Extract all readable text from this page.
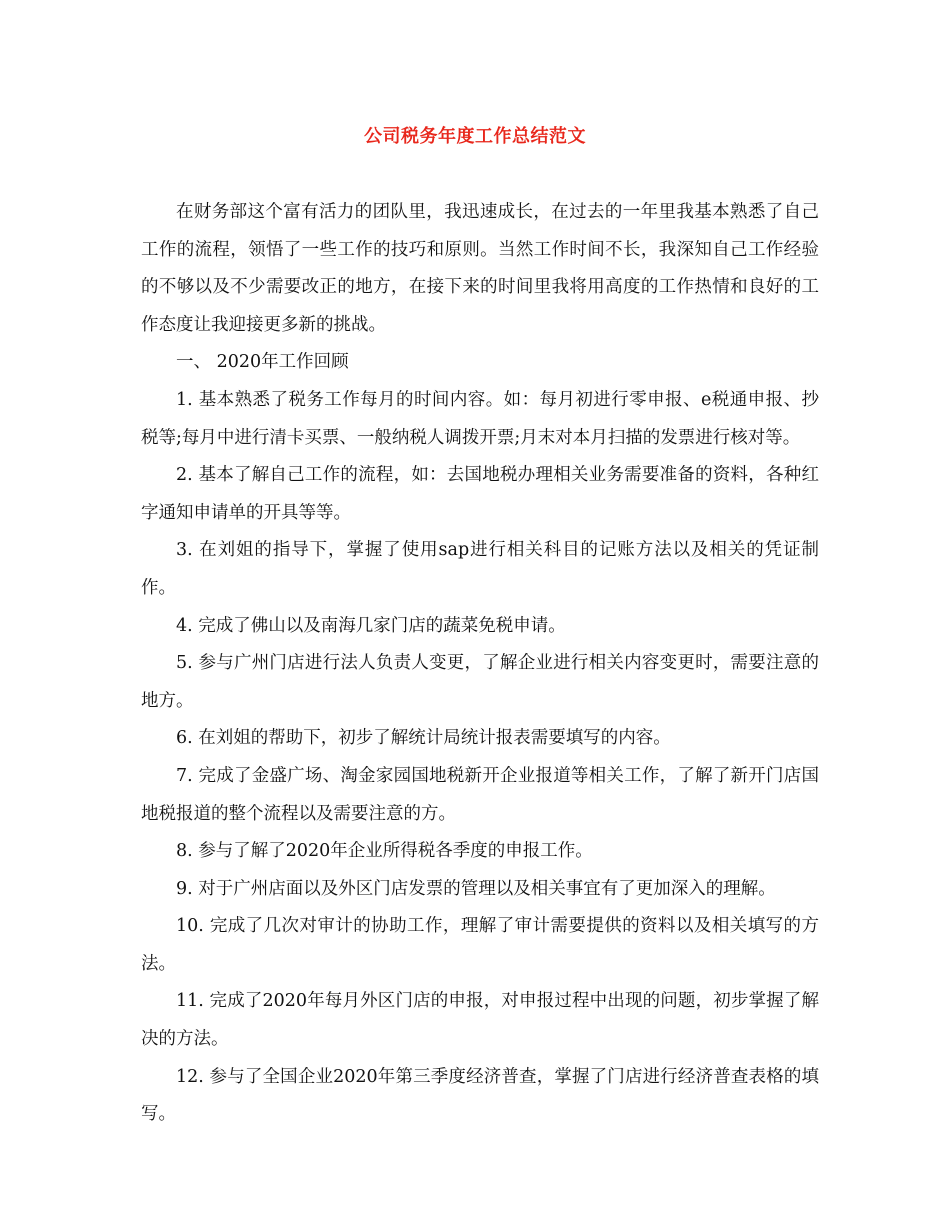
公司税务年度工作总结范文

在财务部这个富有活力的团队里，我迅速成长，在过去的一年里我基本熟悉了自己工作的流程，领悟了一些工作的技巧和原则。当然工作时间不长，我深知自己工作经验的不够以及不少需要改正的地方，在接下来的时间里我将用高度的工作热情和良好的工作态度让我迎接更多新的挑战。

一、 2020年工作回顾

1. 基本熟悉了税务工作每月的时间内容。如：每月初进行零申报、e税通申报、抄税等;每月中进行清卡买票、一般纳税人调拨开票;月末对本月扫描的发票进行核对等。

2. 基本了解自己工作的流程，如：去国地税办理相关业务需要准备的资料，各种红字通知申请单的开具等等。

3. 在刘姐的指导下，掌握了使用sap进行相关科目的记账方法以及相关的凭证制作。

4. 完成了佛山以及南海几家门店的蔬菜免税申请。

5. 参与广州门店进行法人负责人变更，了解企业进行相关内容变更时，需要注意的地方。

6. 在刘姐的帮助下，初步了解统计局统计报表需要填写的内容。

7. 完成了金盛广场、淘金家园国地税新开企业报道等相关工作，了解了新开门店国地税报道的整个流程以及需要注意的方。

8. 参与了解了2020年企业所得税各季度的申报工作。

9. 对于广州店面以及外区门店发票的管理以及相关事宜有了更加深入的理解。

10. 完成了几次对审计的协助工作，理解了审计需要提供的资料以及相关填写的方法。

11. 完成了2020年每月外区门店的申报，对申报过程中出现的问题，初步掌握了解决的方法。

12. 参与了全国企业2020年第三季度经济普查，掌握了门店进行经济普查表格的填写。
